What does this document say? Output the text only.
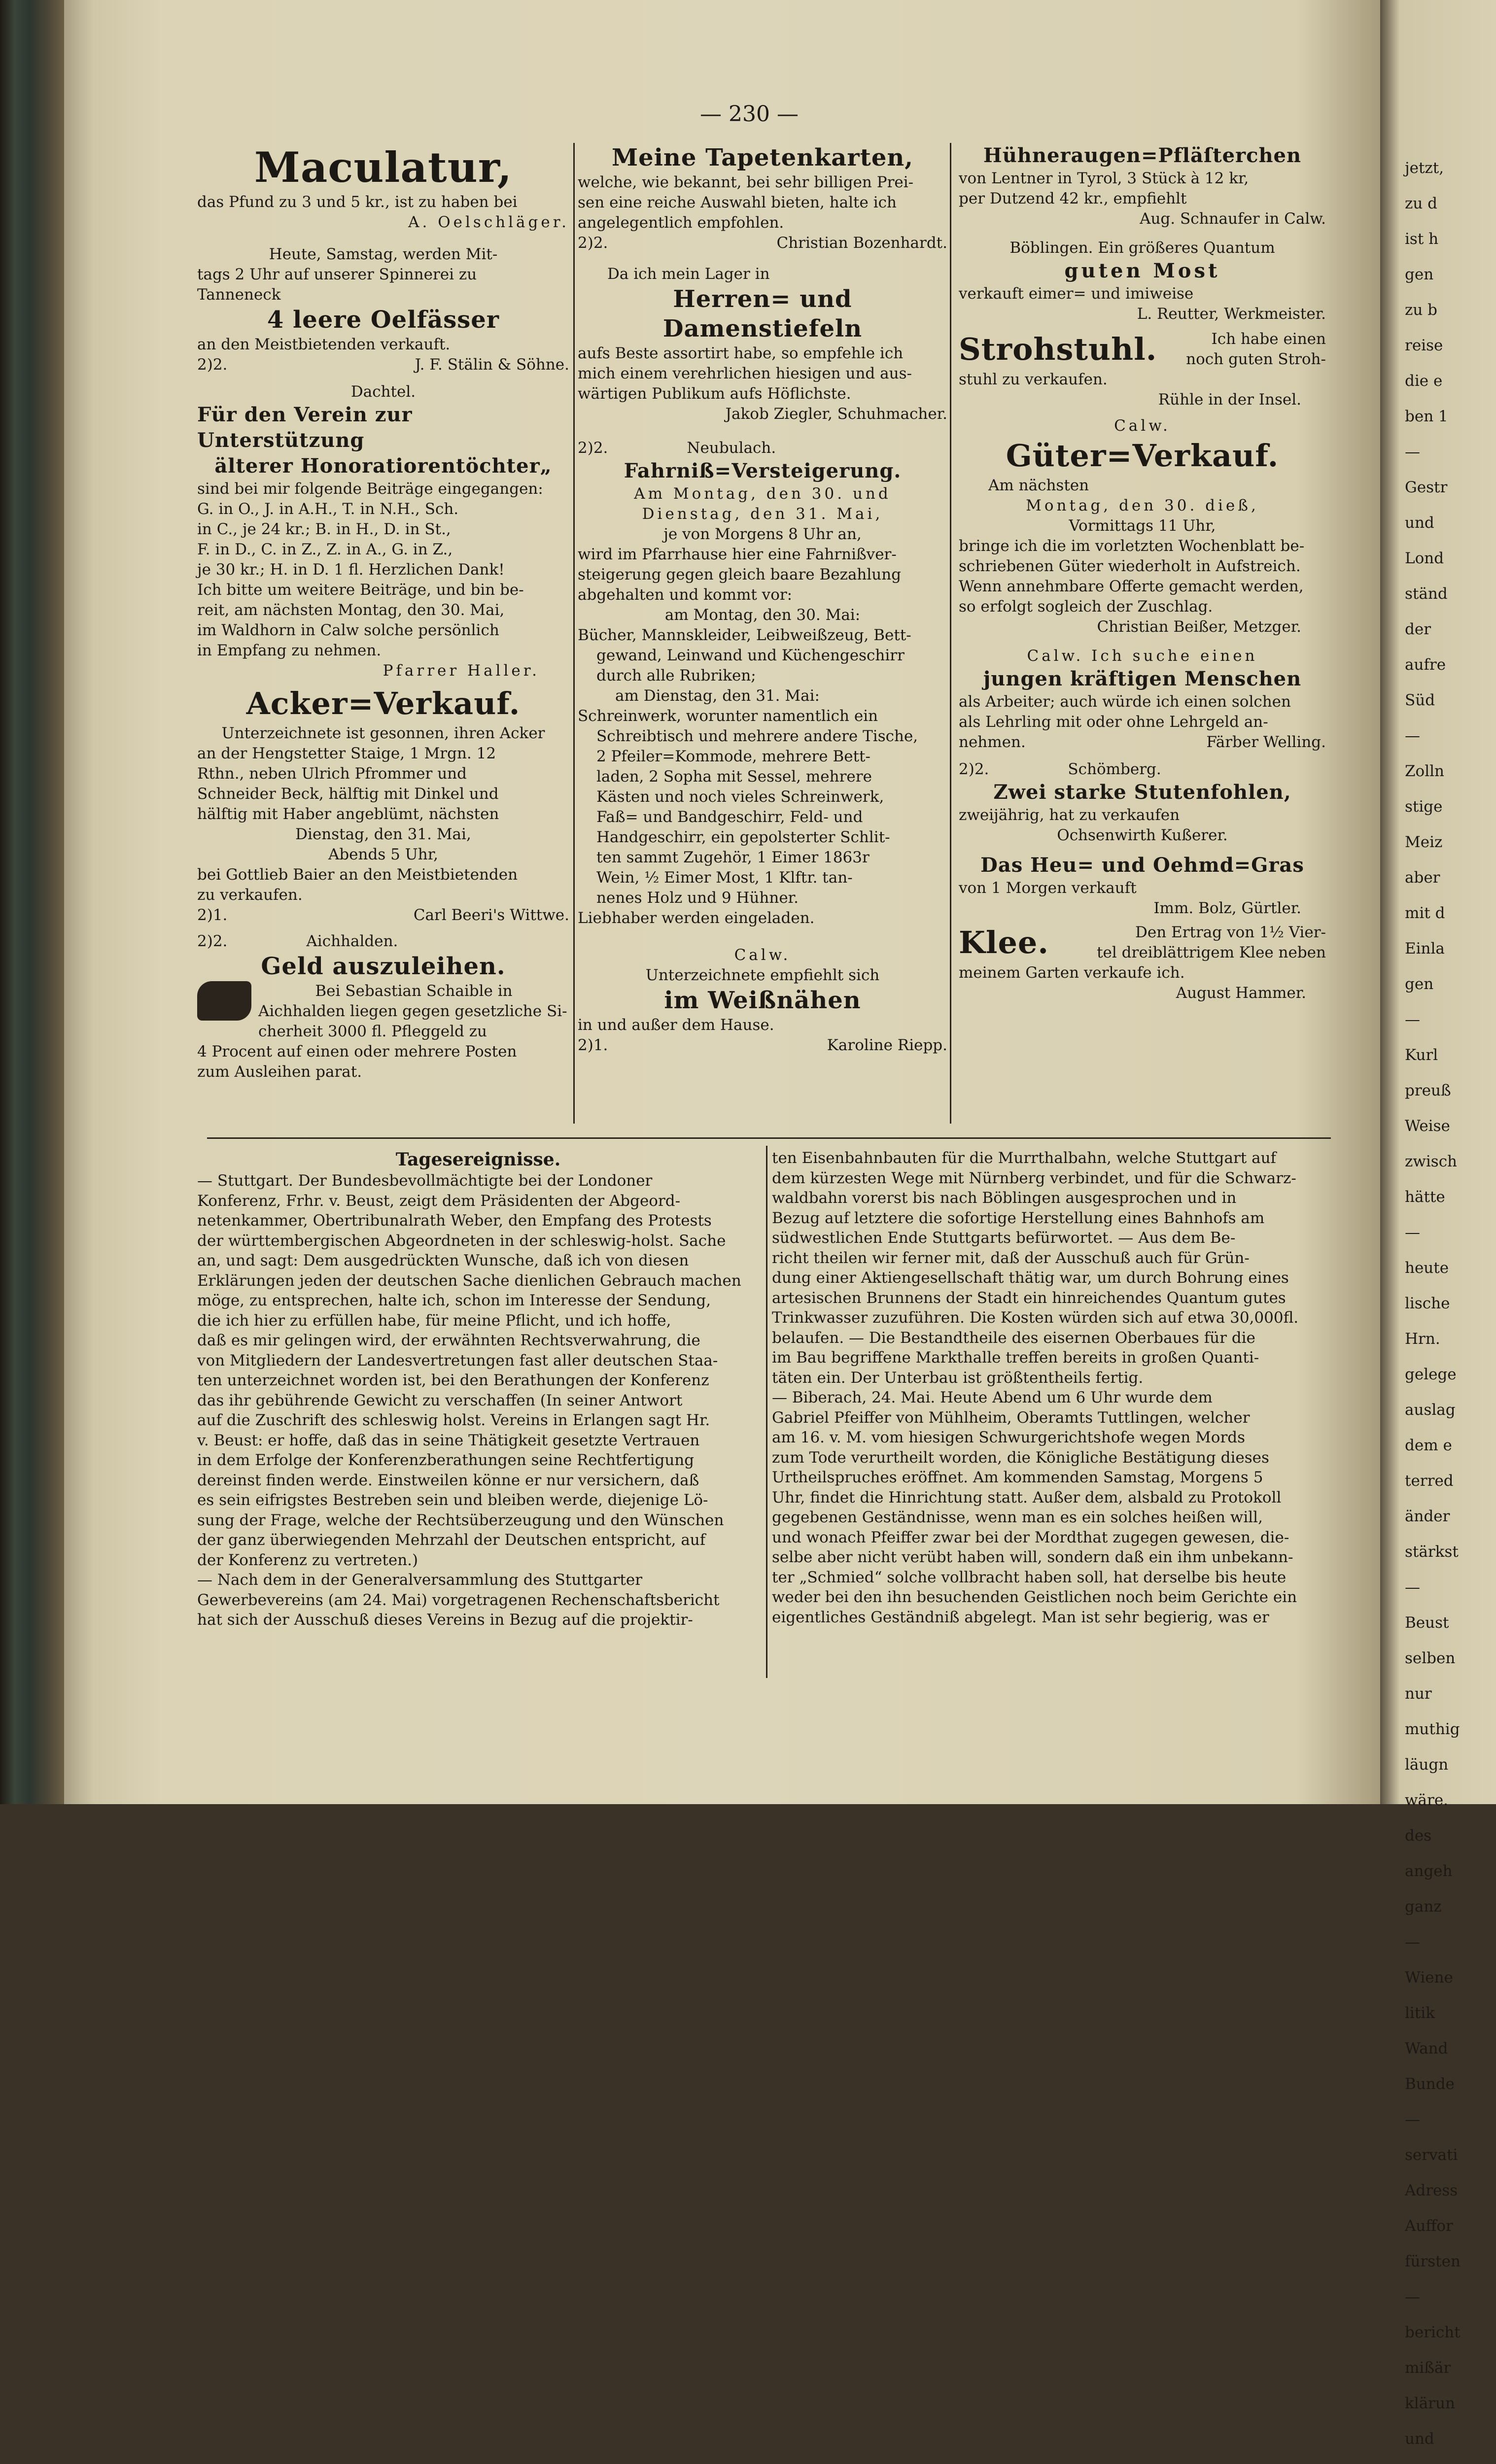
— 230 —

Maculatur,

das Pfund zu 3 und 5 kr., ist zu haben bei

A. Oelschläger.

Heute, Samstag, werden Mit-

tags 2 Uhr auf unserer Spinnerei zu

Tanneneck

4 leere Oelfässer

an den Meistbietenden verkauft.

2)2.	J. F. Stälin & Söhne.

Dachtel.

Für den Verein zur Unterstützung

älterer Honoratiorentöchter„

sind bei mir folgende Beiträge eingegangen:

G. in O., J. in A.H., T. in N.H., Sch.

in C., je 24 kr.; B. in H., D. in St.,

F. in D., C. in Z., Z. in A., G. in Z.,

je 30 kr.; H. in D. 1 fl. Herzlichen Dank!

Ich bitte um weitere Beiträge, und bin be-

reit, am nächsten Montag, den 30. Mai,

im Waldhorn in Calw solche persönlich

in Empfang zu nehmen.

Pfarrer Haller.

Acker=Verkauf.

Unterzeichnete ist gesonnen, ihren Acker

an der Hengstetter Staige, 1 Mrgn. 12

Rthn., neben Ulrich Pfrommer und

Schneider Beck, hälftig mit Dinkel und

hälftig mit Haber angeblümt, nächsten

Dienstag, den 31. Mai,

Abends 5 Uhr,

bei Gottlieb Baier an den Meistbietenden

zu verkaufen.

2)1.	Carl Beeri's Wittwe.
2)2.	Aichhalden.

Geld auszuleihen.

Bei Sebastian Schaible in

Aichhalden liegen gegen gesetzliche Si-

cherheit 3000 fl. Pfleggeld zu

4 Procent auf einen oder mehrere Posten

zum Ausleihen parat.

Meine Tapetenkarten,

welche, wie bekannt, bei sehr billigen Prei-

sen eine reiche Auswahl bieten, halte ich

angelegentlich empfohlen.

2)2.	Christian Bozenhardt.

Da ich mein Lager in

Herren= und Damenstiefeln

aufs Beste assortirt habe, so empfehle ich

mich einem verehrlichen hiesigen und aus-

wärtigen Publikum aufs Höflichste.

Jakob Ziegler, Schuhmacher.

2)2.	Neubulach.

Fahrniß=Versteigerung.

Am Montag, den 30. und

Dienstag, den 31. Mai,

je von Morgens 8 Uhr an,

wird im Pfarrhause hier eine Fahrnißver-

steigerung gegen gleich baare Bezahlung

abgehalten und kommt vor:

am Montag, den 30. Mai:

Bücher, Mannskleider, Leibweißzeug, Bett-

gewand, Leinwand und Küchengeschirr

durch alle Rubriken;

am Dienstag, den 31. Mai:

Schreinwerk, worunter namentlich ein

Schreibtisch und mehrere andere Tische,

2 Pfeiler=Kommode, mehrere Bett-

laden, 2 Sopha mit Sessel, mehrere

Kästen und noch vieles Schreinwerk,

Faß= und Bandgeschirr, Feld- und

Handgeschirr, ein gepolsterter Schlit-

ten sammt Zugehör, 1 Eimer 1863r

Wein, ½ Eimer Most, 1 Klftr. tan-

nenes Holz und 9 Hühner.

Liebhaber werden eingeladen.

Calw.

Unterzeichnete empfiehlt sich

im Weißnähen

in und außer dem Hause.

2)1.	Karoline Riepp.

Hühneraugen=Pfläſterchen

von Lentner in Tyrol, 3 Stück à 12 kr,

per Dutzend 42 kr., empfiehlt

Aug. Schnaufer in Calw.

Böblingen. Ein größeres Quantum

guten Most

verkauft eimer= und imiweise

L. Reutter, Werkmeister.

Strohstuhl.	Ich habe einen

noch guten Stroh-

stuhl zu verkaufen.

Rühle in der Insel.

Calw.

Güter=Verkauf.

Am nächsten

Montag, den 30. dieß,

Vormittags 11 Uhr,

bringe ich die im vorletzten Wochenblatt be-

schriebenen Güter wiederholt in Aufstreich.

Wenn annehmbare Offerte gemacht werden,

so erfolgt sogleich der Zuschlag.

Christian Beißer, Metzger.

Calw. Ich suche einen

jungen kräftigen Menschen

als Arbeiter; auch würde ich einen solchen

als Lehrling mit oder ohne Lehrgeld an-

nehmen.	Färber Welling.
2)2.	Schömberg.

Zwei starke Stutenfohlen,

zweijährig, hat zu verkaufen

Ochsenwirth Kußerer.

Das Heu= und Oehmd=Gras

von 1 Morgen verkauft

Imm. Bolz, Gürtler.

Klee.	Den Ertrag von 1½ Vier-

tel dreiblättrigem Klee neben

meinem Garten verkaufe ich.

August Hammer.

Tagesereignisse.

— Stuttgart. Der Bundesbevollmächtigte bei der Londoner

Konferenz, Frhr. v. Beust, zeigt dem Präsidenten der Abgeord-

netenkammer, Obertribunalrath Weber, den Empfang des Protests

der württembergischen Abgeordneten in der schleswig-holst. Sache

an, und sagt: Dem ausgedrückten Wunsche, daß ich von diesen

Erklärungen jeden der deutschen Sache dienlichen Gebrauch machen

möge, zu entsprechen, halte ich, schon im Interesse der Sendung,

die ich hier zu erfüllen habe, für meine Pflicht, und ich hoffe,

daß es mir gelingen wird, der erwähnten Rechtsverwahrung, die

von Mitgliedern der Landesvertretungen fast aller deutschen Staa-

ten unterzeichnet worden ist, bei den Berathungen der Konferenz

das ihr gebührende Gewicht zu verschaffen (In seiner Antwort

auf die Zuschrift des schleswig holst. Vereins in Erlangen sagt Hr.

v. Beust: er hoffe, daß das in seine Thätigkeit gesetzte Vertrauen

in dem Erfolge der Konferenzberathungen seine Rechtfertigung

dereinst finden werde. Einstweilen könne er nur versichern, daß

es sein eifrigstes Bestreben sein und bleiben werde, diejenige Lö-

sung der Frage, welche der Rechtsüberzeugung und den Wünschen

der ganz überwiegenden Mehrzahl der Deutschen entspricht, auf

der Konferenz zu vertreten.)

— Nach dem in der Generalversammlung des Stuttgarter

Gewerbevereins (am 24. Mai) vorgetragenen Rechenschaftsbericht

hat sich der Ausschuß dieses Vereins in Bezug auf die projektir-

ten Eisenbahnbauten für die Murrthalbahn, welche Stuttgart auf

dem kürzesten Wege mit Nürnberg verbindet, und für die Schwarz-

waldbahn vorerst bis nach Böblingen ausgesprochen und in

Bezug auf letztere die sofortige Herstellung eines Bahnhofs am

südwestlichen Ende Stuttgarts befürwortet. — Aus dem Be-

richt theilen wir ferner mit, daß der Ausschuß auch für Grün-

dung einer Aktiengesellschaft thätig war, um durch Bohrung eines

artesischen Brunnens der Stadt ein hinreichendes Quantum gutes

Trinkwasser zuzuführen. Die Kosten würden sich auf etwa 30,000fl.

belaufen. — Die Bestandtheile des eisernen Oberbaues für die

im Bau begriffene Markthalle treffen bereits in großen Quanti-

täten ein. Der Unterbau ist größtentheils fertig.

— Biberach, 24. Mai. Heute Abend um 6 Uhr wurde dem

Gabriel Pfeiffer von Mühlheim, Oberamts Tuttlingen, welcher

am 16. v. M. vom hiesigen Schwurgerichtshofe wegen Mords

zum Tode verurtheilt worden, die Königliche Bestätigung dieses

Urtheilspruches eröffnet. Am kommenden Samstag, Morgens 5

Uhr, findet die Hinrichtung statt. Außer dem, alsbald zu Protokoll

gegebenen Geständnisse, wenn man es ein solches heißen will,

und wonach Pfeiffer zwar bei der Mordthat zugegen gewesen, die-

selbe aber nicht verübt haben will, sondern daß ein ihm unbekann-

ter „Schmied“ solche vollbracht haben soll, hat derselbe bis heute

weder bei den ihn besuchenden Geistlichen noch beim Gerichte ein

eigentliches Geständniß abgelegt. Man ist sehr begierig, was er

jetzt,

zu d

ist h

gen

zu b

reise

die e

ben 1

—

Gestr

und

Lond

ständ

der

aufre

Süd

—

Zolln

stige

Meiz

aber

mit d

Einla

gen

—

Kurl

preuß

Weise

zwisch

hätte

—

heute

lische

Hrn.

gelege

auslag

dem e

terred

änder

stärkst

—

Beust

selben

nur

muthig

läugn

wäre.

des

angeh

ganz

—

Wiene

litik

Wand

Bunde

—

servati

Adress

Auffor

fürsten

—

bericht

mißär

klärun

und
